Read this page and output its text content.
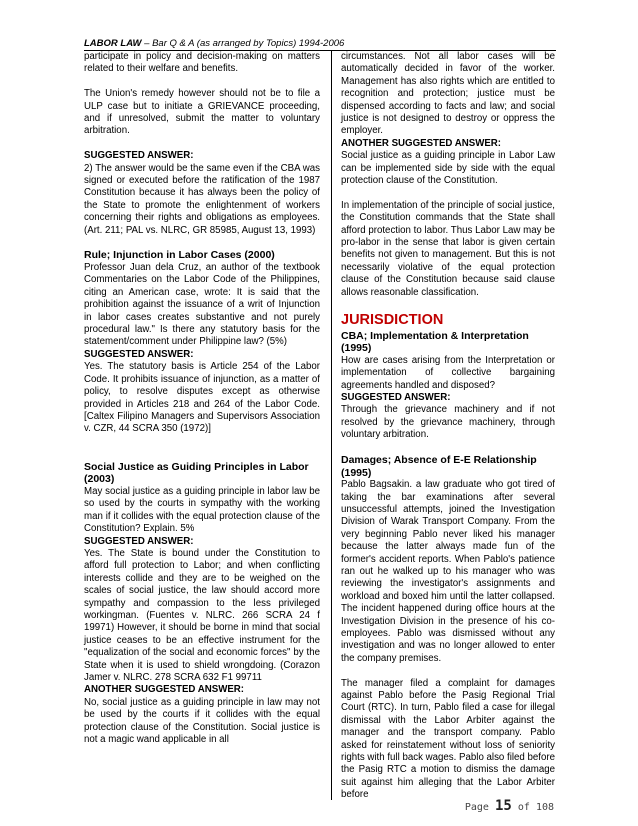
LABOR LAW – Bar Q & A (as arranged by Topics) 1994-2006

participate in policy and decision-making on matters related to their welfare and benefits.

The Union's remedy however should not be to file a ULP case but to initiate a GRIEVANCE proceeding, and if unresolved, submit the matter to voluntary arbitration.

SUGGESTED ANSWER:

2) The answer would be the same even if the CBA was signed or executed before the ratification of the 1987 Constitution because it has always been the policy of the State to promote the enlightenment of workers concerning their rights and obligations as employees. (Art. 211; PAL vs. NLRC, GR 85985, August 13, 1993)

Rule; Injunction in Labor Cases (2000)

Professor Juan dela Cruz, an author of the textbook Commentaries on the Labor Code of the Philippines, citing an American case, wrote: It is said that the prohibition against the issuance of a writ of Injunction in labor cases creates substantive and not purely procedural law." Is there any statutory basis for the statement/comment under Philippine law? (5%)

SUGGESTED ANSWER:

Yes. The statutory basis is Article 254 of the Labor Code. It prohibits issuance of injunction, as a matter of policy, to resolve disputes except as otherwise provided in Articles 218 and 264 of the Labor Code. [Caltex Filipino Managers and Supervisors Association v. CZR, 44 SCRA 350 (1972)]

Social Justice as Guiding Principles in Labor (2003)

May social justice as a guiding principle in labor law be so used by the courts in sympathy with the working man if it collides with the equal protection clause of the Constitution? Explain. 5%

SUGGESTED ANSWER:

Yes. The State is bound under the Constitution to afford full protection to Labor; and when conflicting interests collide and they are to be weighed on the scales of social justice, the law should accord more sympathy and compassion to the less privileged workingman. (Fuentes v. NLRC. 266 SCRA 24 f 19971) However, it should be borne in mind that social justice ceases to be an effective instrument for the "equalization of the social and economic forces" by the State when it is used to shield wrongdoing. (Corazon Jamer v. NLRC. 278 SCRA 632 F1 99711

ANOTHER SUGGESTED ANSWER:

No, social justice as a guiding principle in law may not be used by the courts if it collides with the equal protection clause of the Constitution. Social justice is not a magic wand applicable in all

circumstances. Not all labor cases will be automatically decided in favor of the worker. Management has also rights which are entitled to recognition and protection; justice must be dispensed according to facts and law; and social justice is not designed to destroy or oppress the employer.

ANOTHER SUGGESTED ANSWER:

Social justice as a guiding principle in Labor Law can be implemented side by side with the equal protection clause of the Constitution.

In implementation of the principle of social justice, the Constitution commands that the State shall afford protection to labor. Thus Labor Law may be pro-labor in the sense that labor is given certain benefits not given to management. But this is not necessarily violative of the equal protection clause of the Constitution because said clause allows reasonable classification.

JURISDICTION

CBA; Implementation & Interpretation (1995)

How are cases arising from the Interpretation or implementation of collective bargaining agreements handled and disposed?

SUGGESTED ANSWER:

Through the grievance machinery and if not resolved by the grievance machinery, through voluntary arbitration.

Damages; Absence of E-E Relationship (1995)

Pablo Bagsakin. a law graduate who got tired of taking the bar examinations after several unsuccessful attempts, joined the Investigation Division of Warak Transport Company. From the very beginning Pablo never liked his manager because the latter always made fun of the former's accident reports. When Pablo's patience ran out he walked up to his manager who was reviewing the investigator's assignments and workload and boxed him until the latter collapsed. The incident happened during office hours at the Investigation Division in the presence of his co-employees. Pablo was dismissed without any investigation and was no longer allowed to enter the company premises.

The manager filed a complaint for damages against Pablo before the Pasig Regional Trial Court (RTC). In turn, Pablo filed a case for illegal dismissal with the Labor Arbiter against the manager and the transport company. Pablo asked for reinstatement without loss of seniority rights with full back wages. Pablo also filed before the Pasig RTC a motion to dismiss the damage suit against him alleging that the Labor Arbiter before

Page 15 of 108
